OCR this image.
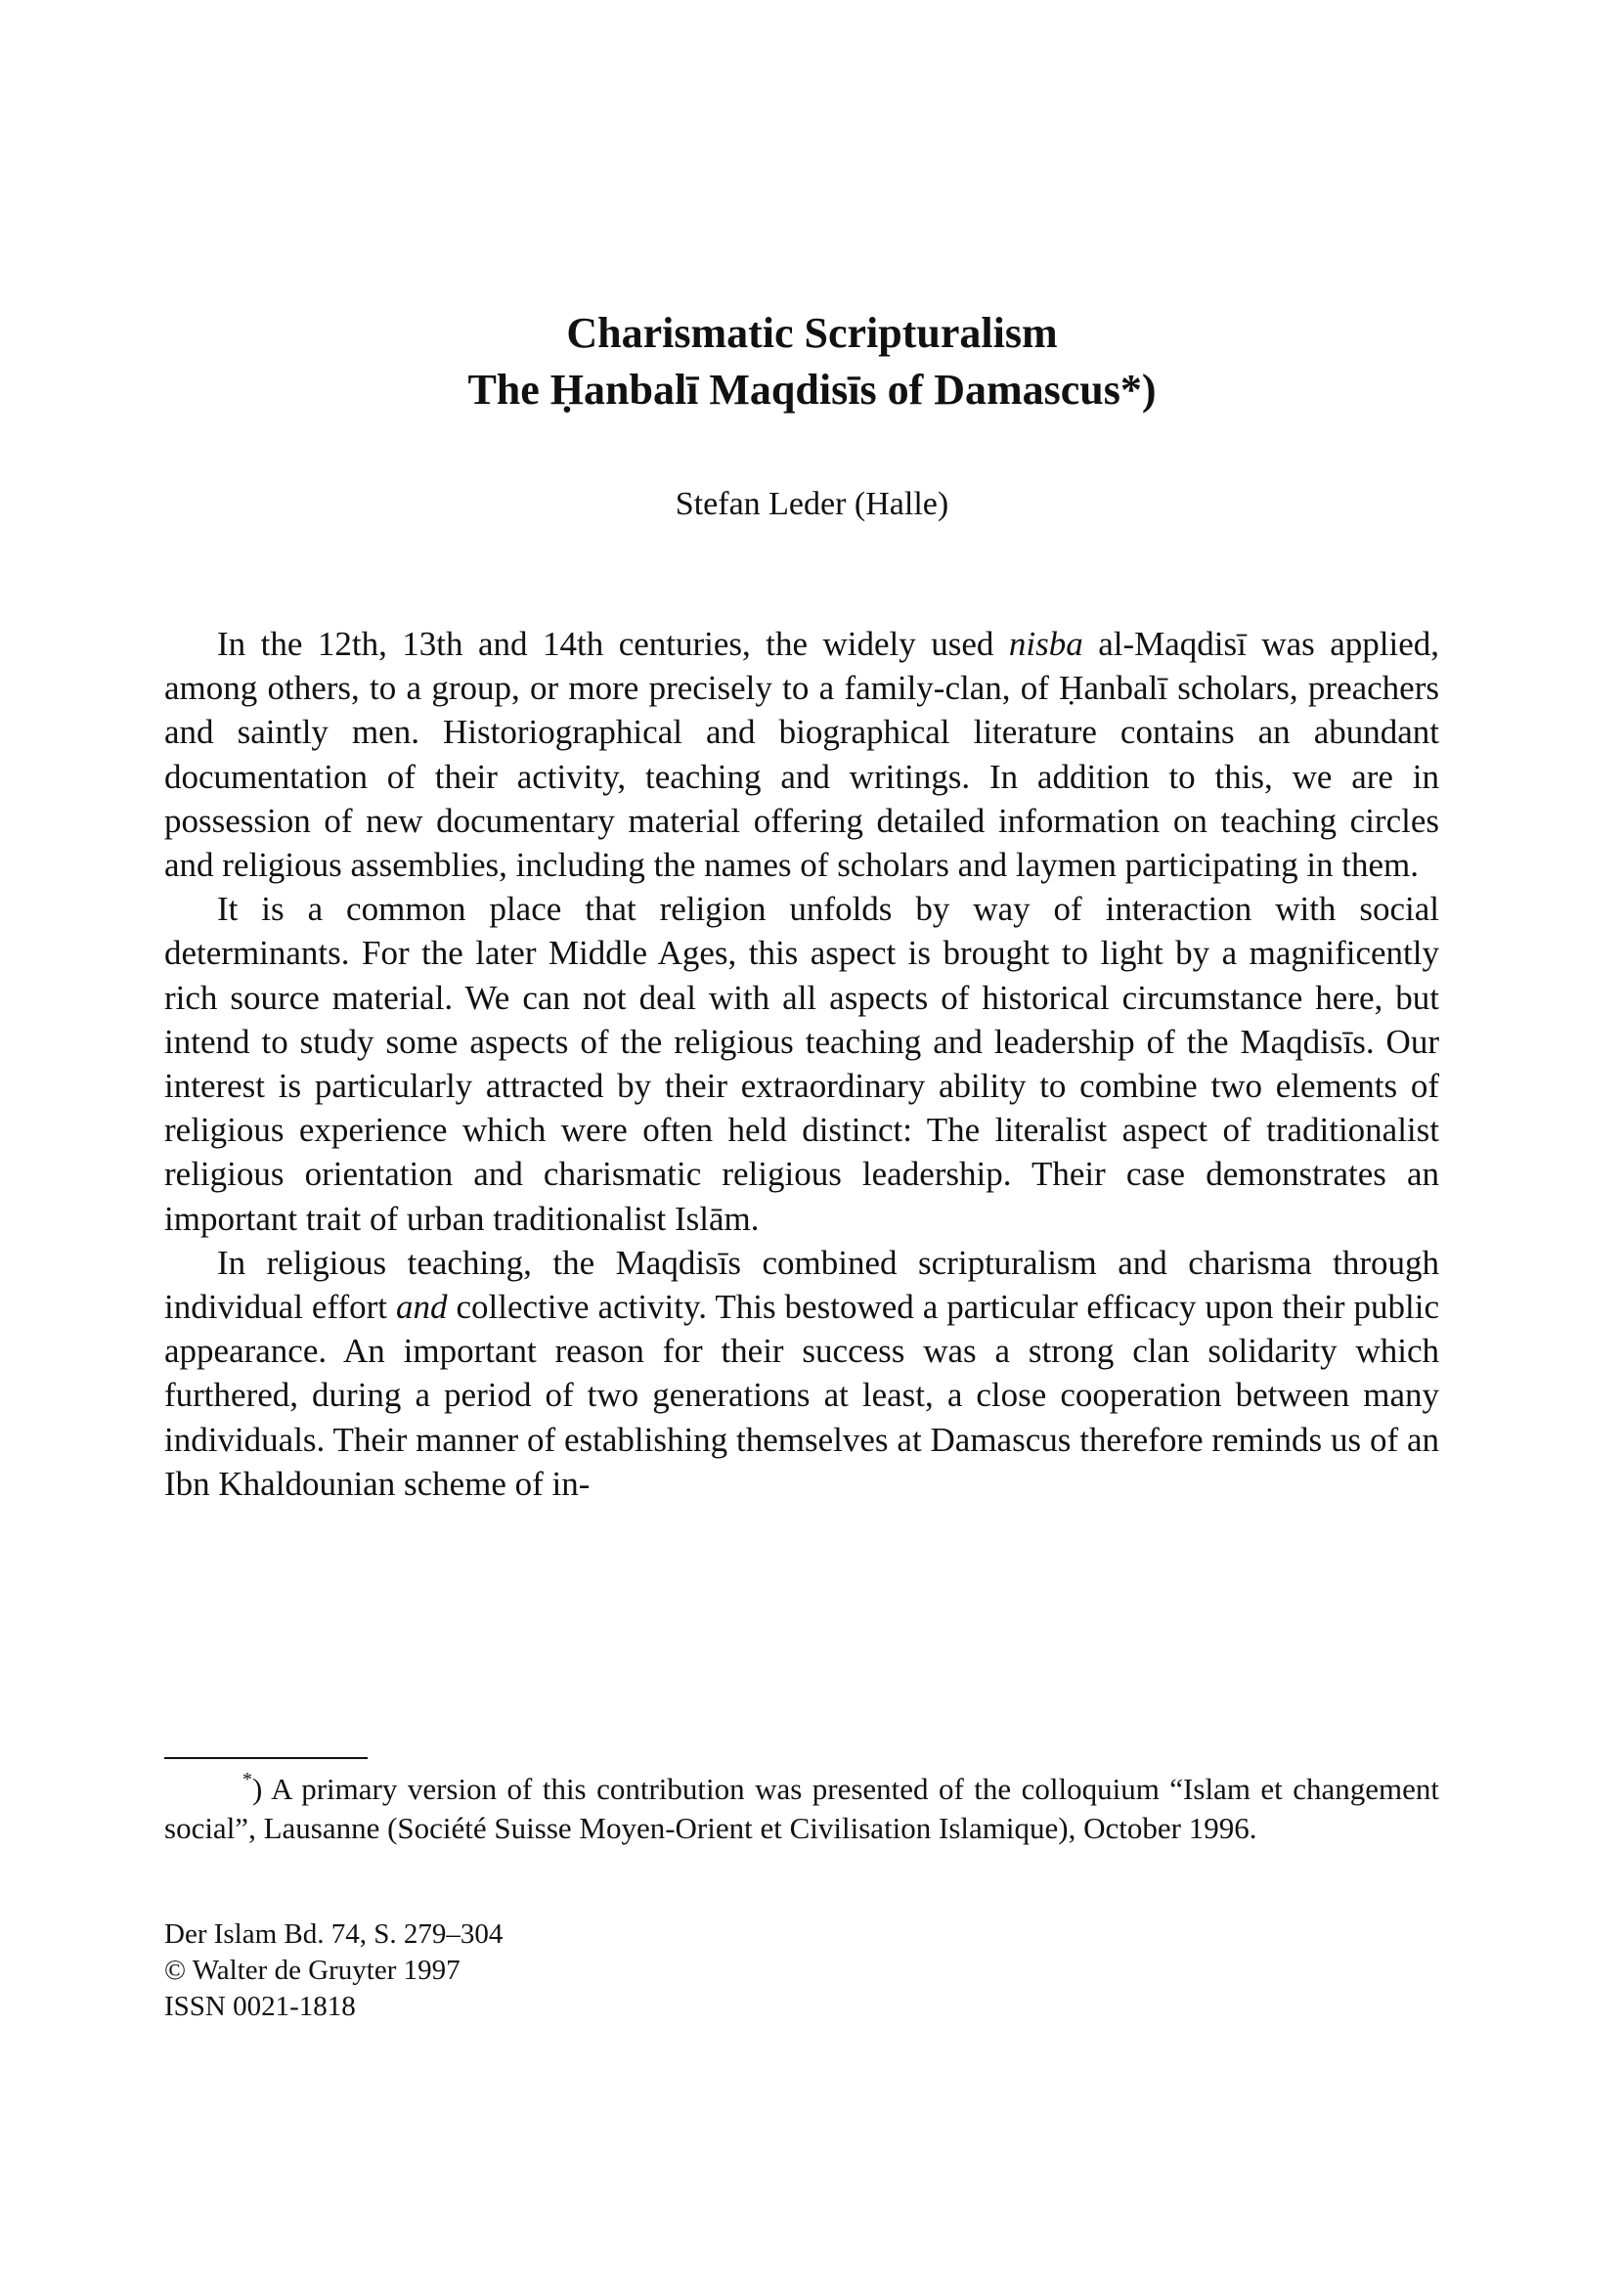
Charismatic Scripturalism
The Ḥanbalī Maqdisīs of Damascus*)

Stefan Leder (Halle)

In the 12th, 13th and 14th centuries, the widely used nisba al-Maqdisī was applied, among others, to a group, or more precisely to a family-clan, of Ḥanbalī scholars, preachers and saintly men. Historiographical and biographical literature contains an abundant documentation of their activity, teaching and writings. In addition to this, we are in possession of new documentary material offering detailed information on teaching circles and religious assemblies, including the names of scholars and laymen participating in them.

It is a common place that religion unfolds by way of interaction with social determinants. For the later Middle Ages, this aspect is brought to light by a magnificently rich source material. We can not deal with all aspects of historical circumstance here, but intend to study some aspects of the religious teaching and leadership of the Maqdisīs. Our interest is particularly attracted by their extraordinary ability to combine two elements of religious experience which were often held distinct: The literalist aspect of traditionalist religious orientation and charismatic religious leadership. Their case demonstrates an important trait of urban traditionalist Islām.

In religious teaching, the Maqdisīs combined scripturalism and charisma through individual effort and collective activity. This bestowed a particular efficacy upon their public appearance. An important reason for their success was a strong clan solidarity which furthered, during a period of two generations at least, a close cooperation between many individuals. Their manner of establishing themselves at Damascus therefore reminds us of an Ibn Khaldounian scheme of in-

*) A primary version of this contribution was presented of the colloquium “Islam et changement social”, Lausanne (Société Suisse Moyen-Orient et Civilisation Islamique), October 1996.

Der Islam Bd. 74, S. 279–304
© Walter de Gruyter 1997
ISSN 0021-1818
